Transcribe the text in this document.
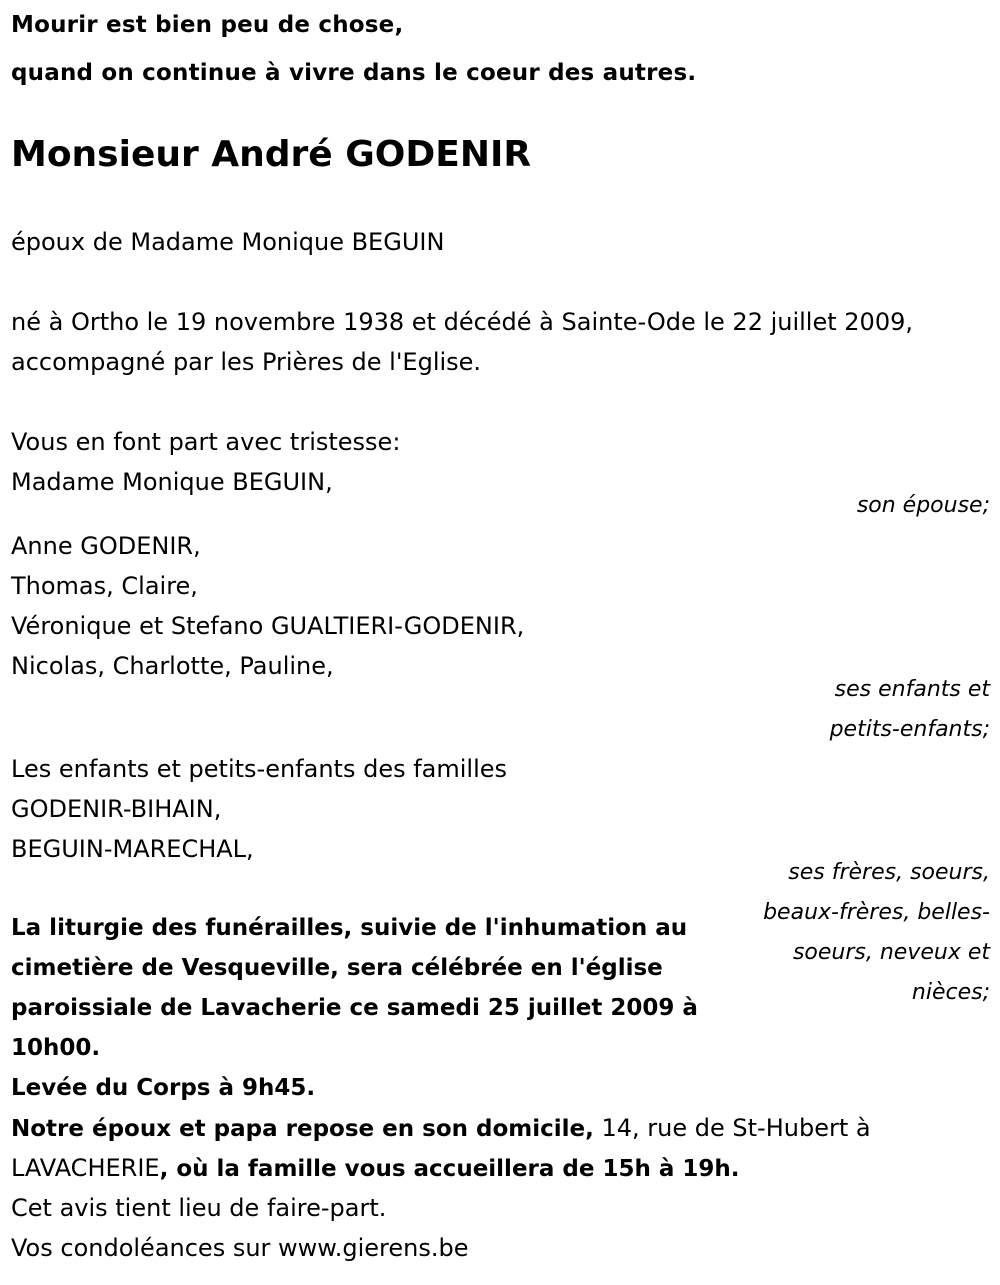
Mourir est bien peu de chose,
quand on continue à vivre dans le coeur des autres.
Monsieur André GODENIR
époux de Madame Monique BEGUIN
né à Ortho le 19 novembre 1938 et décédé à Sainte-Ode le 22 juillet 2009,
accompagné par les Prières de l'Eglise.
Vous en font part avec tristesse:
Madame Monique BEGUIN,
son épouse;
Anne GODENIR,
Thomas, Claire,
Véronique et Stefano GUALTIERI-GODENIR,
Nicolas, Charlotte, Pauline,
ses enfants et
petits-enfants;
Les enfants et petits-enfants des familles
GODENIR-BIHAIN,
BEGUIN-MARECHAL,
ses frères, soeurs,
beaux-frères, belles-
soeurs, neveux et
nièces;
La liturgie des funérailles, suivie de l'inhumation au
cimetière de Vesqueville, sera célébrée en l'église
paroissiale de Lavacherie ce samedi 25 juillet 2009 à
10h00.
Levée du Corps à 9h45.
Notre époux et papa repose en son domicile, 14, rue de St-Hubert à
LAVACHERIE, où la famille vous accueillera de 15h à 19h.
Cet avis tient lieu de faire-part.
Vos condoléances sur www.gierens.be
